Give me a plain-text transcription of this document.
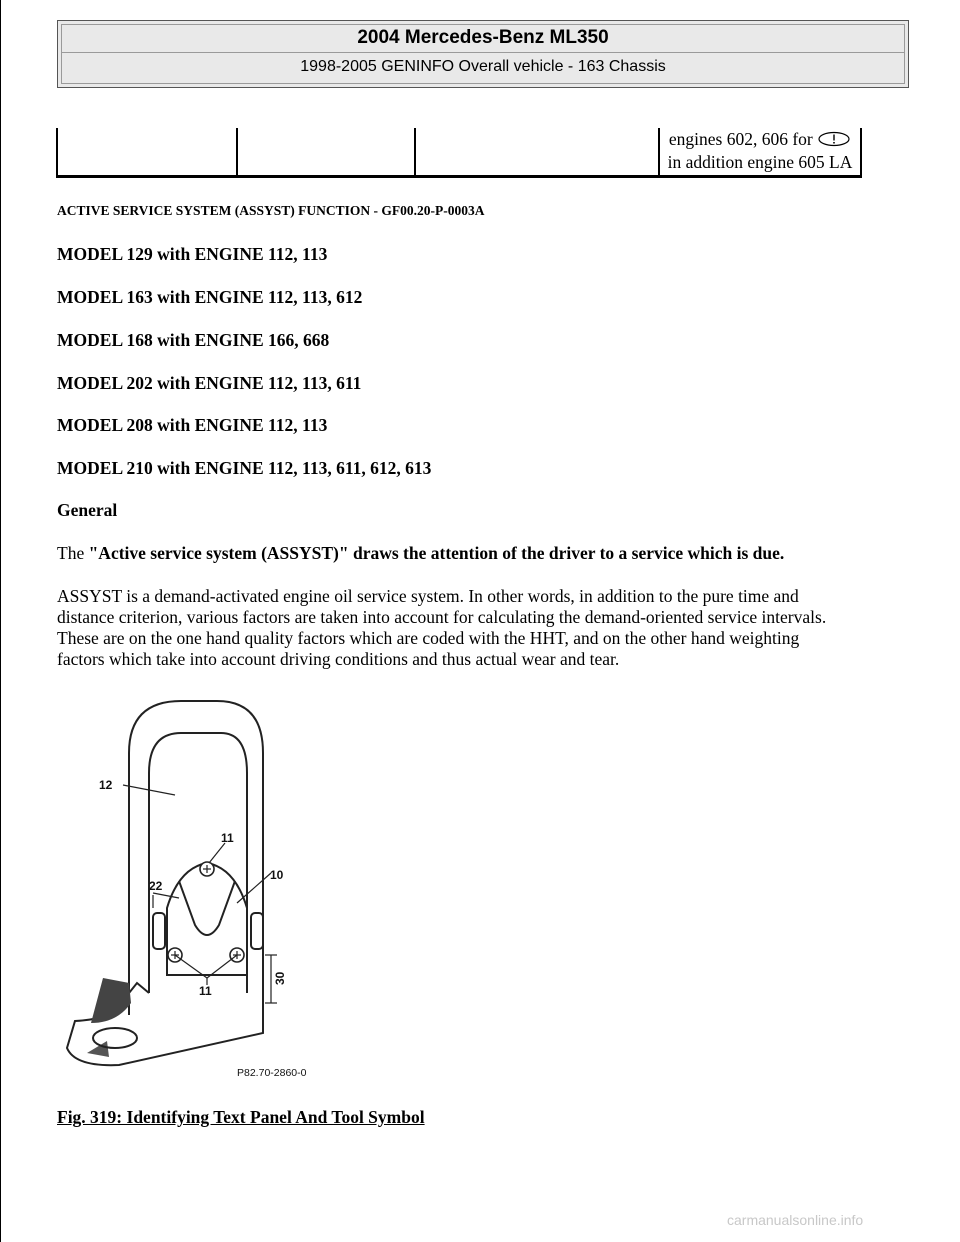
2004 Mercedes-Benz ML350
1998-2005 GENINFO Overall vehicle - 163 Chassis
			engines 602, 606 for
in addition engine 605 LA

ACTIVE SERVICE SYSTEM (ASSYST) FUNCTION - GF00.20-P-0003A

MODEL 129 with ENGINE 112, 113

MODEL 163 with ENGINE 112, 113, 612

MODEL 168 with ENGINE 166, 668

MODEL 202 with ENGINE 112, 113, 611

MODEL 208 with ENGINE 112, 113

MODEL 210 with ENGINE 112, 113, 611, 612, 613

General

The "Active service system (ASSYST)" draws the attention of the driver to a service which is due.

ASSYST is a demand-activated engine oil service system. In other words, in addition to the pure time and
distance criterion, various factors are taken into account for calculating the demand-oriented service intervals.
These are on the one hand quality factors which are coded with the HHT, and on the other hand weighting
factors which take into account driving conditions and thus actual wear and tear.
12
11
10
22
11
30
P82.70-2860-03

Fig. 319: Identifying Text Panel And Tool Symbol

carmanualsonline.info
